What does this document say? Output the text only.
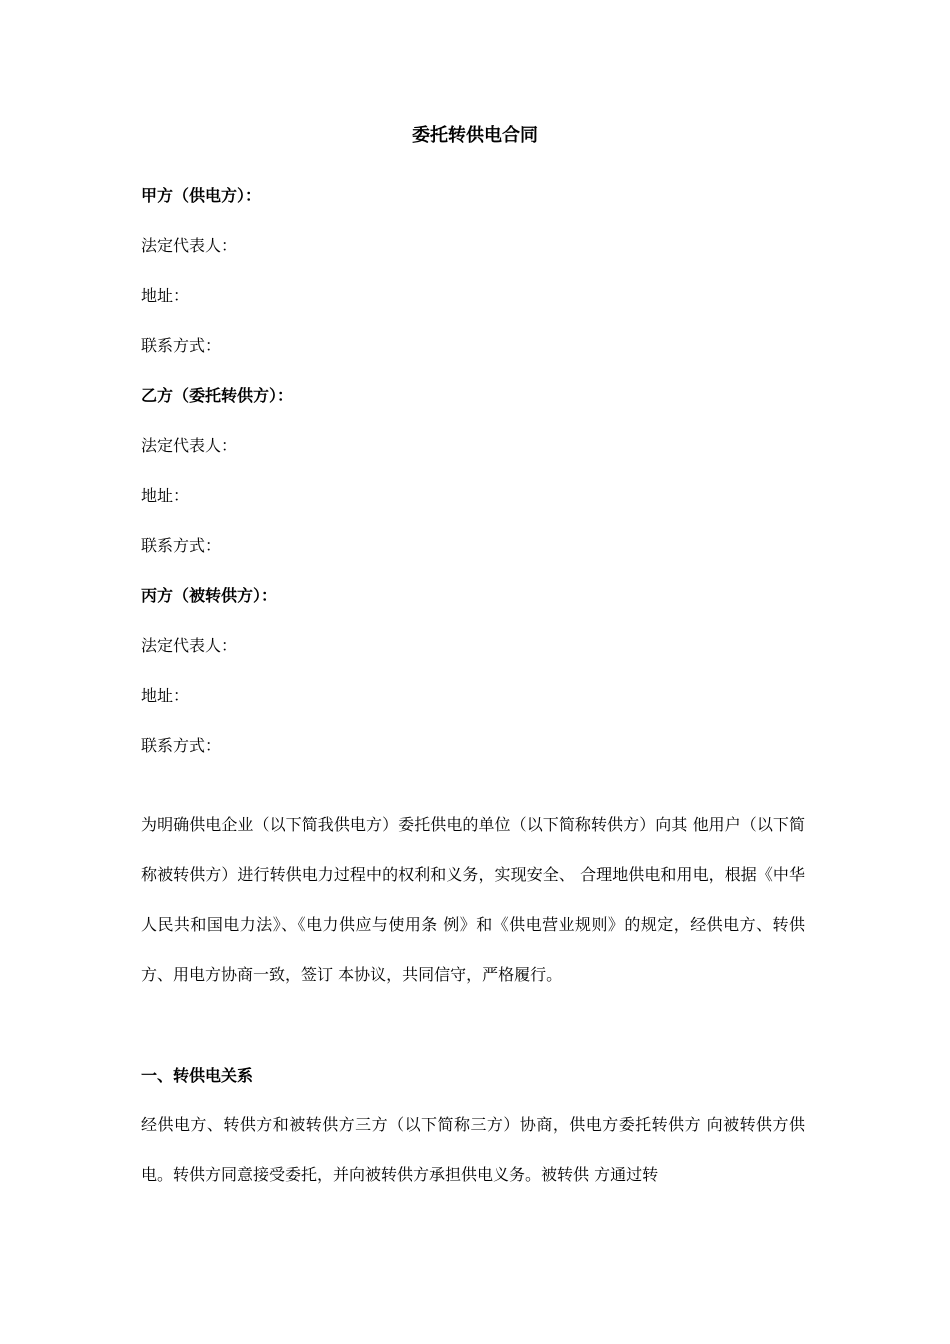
委托转供电合同
甲方（供电方）：
法定代表人：
地址：
联系方式：
乙方（委托转供方）：
法定代表人：
地址：
联系方式：
丙方（被转供方）：
法定代表人：
地址：
联系方式：
为明确供电企业（以下简我供电方）委托供电的单位（以下简称转供方）向其 他用户（以下简称被转供方）进行转供电力过程中的权利和义务，实现安全、 合理地供电和用电，根据《中华人民共和国电力法》、《电力供应与使用条 例》和《供电营业规则》的规定，经供电方、转供方、用电方协商一致，签订 本协议，共同信守，严格履行。
一、转供电关系
经供电方、转供方和被转供方三方（以下简称三方）协商，供电方委托转供方 向被转供方供电。转供方同意接受委托，并向被转供方承担供电义务。被转供 方通过转
